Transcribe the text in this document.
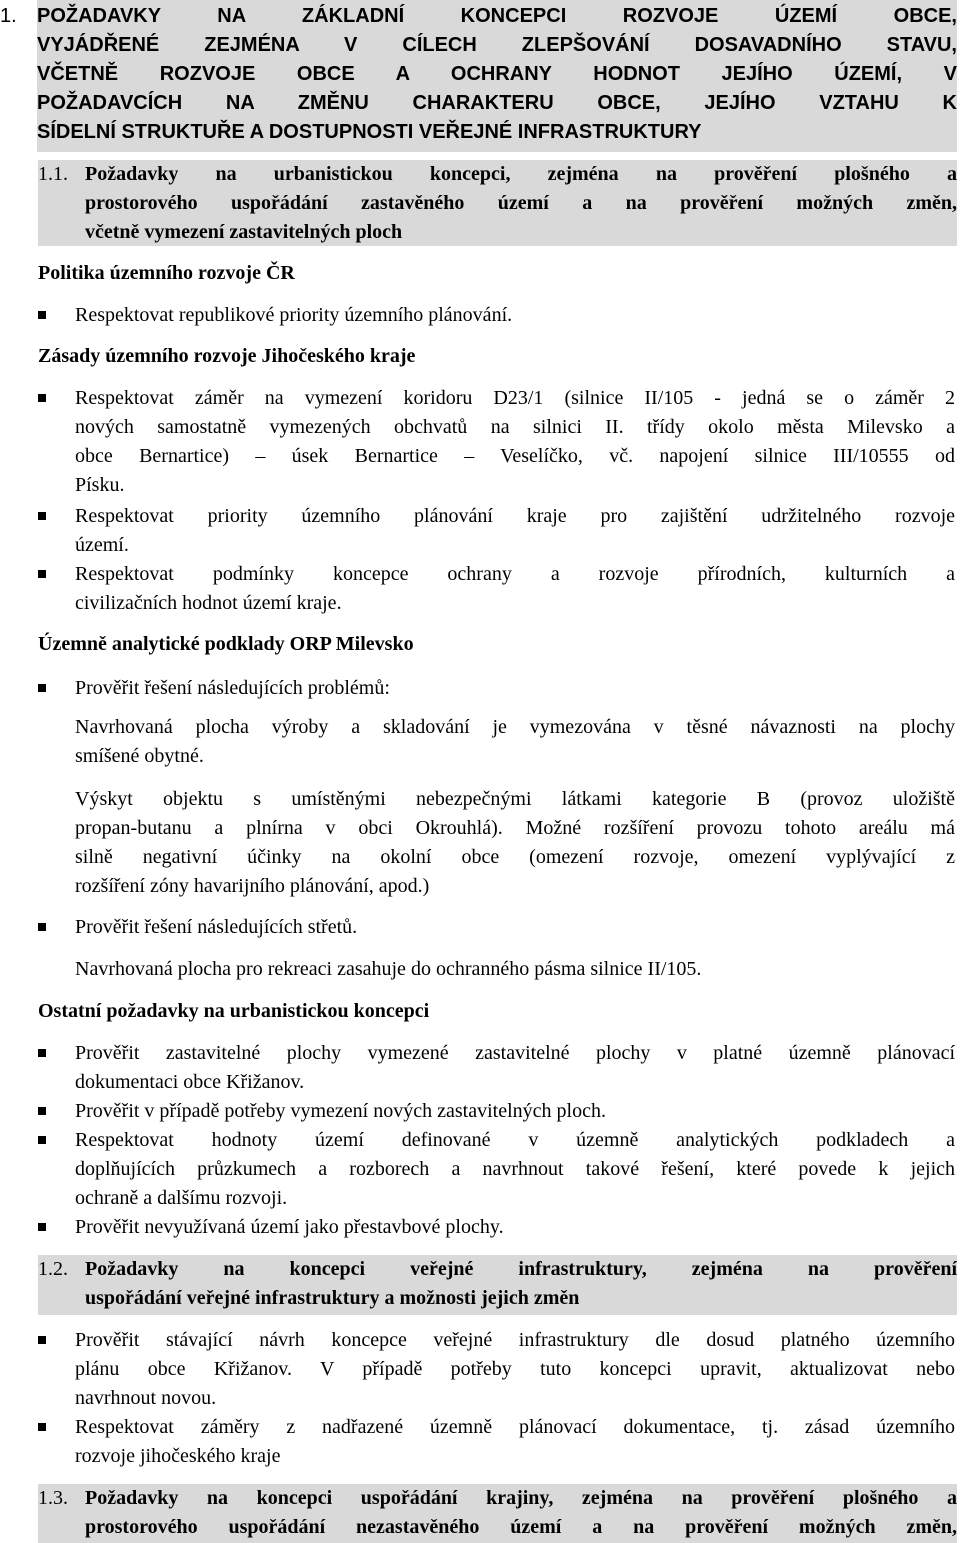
1. POŽADAVKY NA ZÁKLADNÍ KONCEPCI ROZVOJE ÚZEMÍ OBCE,
VYJÁDŘENÉ ZEJMÉNA V CÍLECH ZLEPŠOVÁNÍ DOSAVADNÍHO STAVU,
VČETNĚ ROZVOJE OBCE A OCHRANY HODNOT JEJÍHO ÚZEMÍ, V
POŽADAVCÍCH NA ZMĚNU CHARAKTERU OBCE, JEJÍHO VZTAHU K
SÍDELNÍ STRUKTUŘE A DOSTUPNOSTI VEŘEJNÉ INFRASTRUKTURY
1.1. Požadavky na urbanistickou koncepci, zejména na prověření plošného a
prostorového uspořádání zastavěného území a na prověření možných změn,
včetně vymezení zastavitelných ploch
Politika územního rozvoje ČR
Respektovat republikové priority územního plánování.
Zásady územního rozvoje Jihočeského kraje
Respektovat záměr na vymezení koridoru D23/1 (silnice II/105 - jedná se o záměr 2
nových samostatně vymezených obchvatů na silnici II. třídy okolo města Milevsko a
obce Bernartice) – úsek Bernartice – Veselíčko, vč. napojení silnice III/10555 od
Písku.
Respektovat priority územního plánování kraje pro zajištění udržitelného rozvoje
území.
Respektovat podmínky koncepce ochrany a rozvoje přírodních, kulturních a
civilizačních hodnot území kraje.
Územně analytické podklady ORP Milevsko
Prověřit řešení následujících problémů:
Navrhovaná plocha výroby a skladování je vymezována v těsné návaznosti na plochy
smíšené obytné.
Výskyt objektu s umístěnými nebezpečnými látkami kategorie B (provoz uložiště
propan-butanu a plnírna v obci Okrouhlá). Možné rozšíření provozu tohoto areálu má
silně negativní účinky na okolní obce (omezení rozvoje, omezení vyplývající z
rozšíření zóny havarijního plánování, apod.)
Prověřit řešení následujících střetů.
Navrhovaná plocha pro rekreaci zasahuje do ochranného pásma silnice II/105.
Ostatní požadavky na urbanistickou koncepci
Prověřit zastavitelné plochy vymezené zastavitelné plochy v platné územně plánovací
dokumentaci obce Křižanov.
Prověřit v případě potřeby vymezení nových zastavitelných ploch.
Respektovat hodnoty území definované v územně analytických podkladech a
doplňujících průzkumech a rozborech a navrhnout takové řešení, které povede k jejich
ochraně a dalšímu rozvoji.
Prověřit nevyužívaná území jako přestavbové plochy.
1.2. Požadavky na koncepci veřejné infrastruktury, zejména na prověření
uspořádání veřejné infrastruktury a možnosti jejich změn
Prověřit stávající návrh koncepce veřejné infrastruktury dle dosud platného územního
plánu obce Křižanov. V případě potřeby tuto koncepci upravit, aktualizovat nebo
navrhnout novou.
Respektovat záměry z nadřazené územně plánovací dokumentace, tj. zásad územního
rozvoje jihočeského kraje
1.3. Požadavky na koncepci uspořádání krajiny, zejména na prověření plošného a
prostorového uspořádání nezastavěného území a na prověření možných změn,
